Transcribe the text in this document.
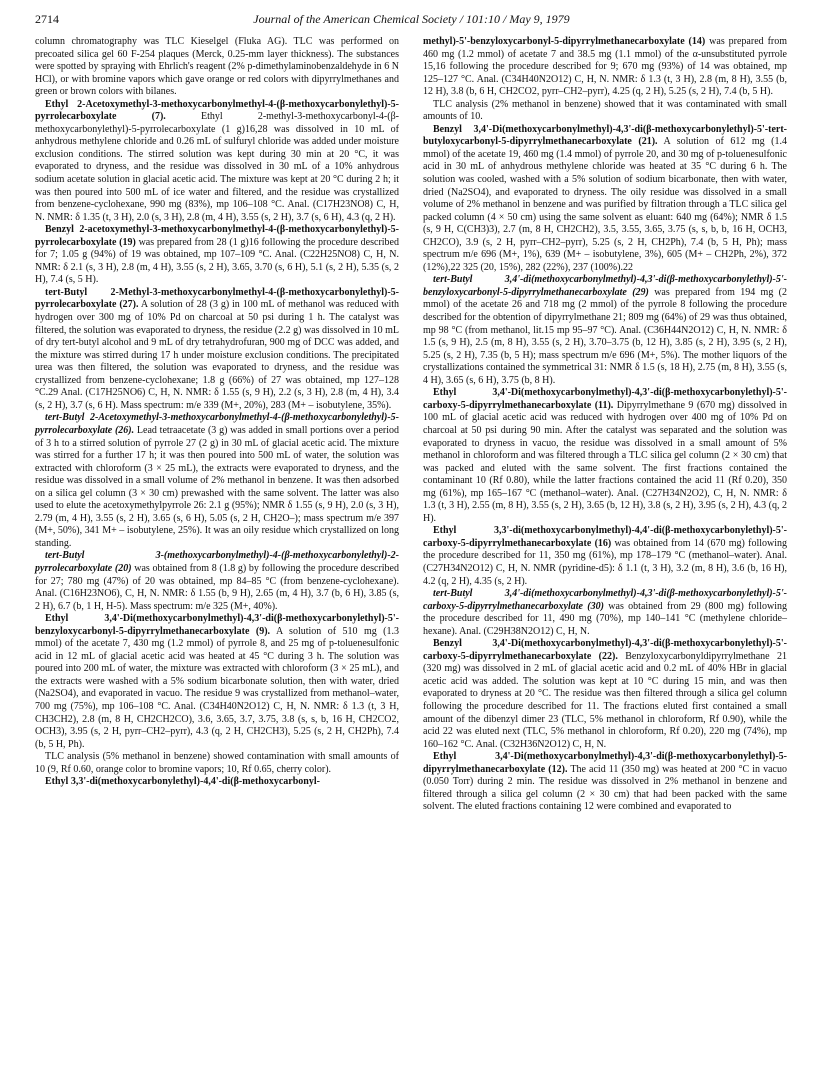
2714	Journal of the American Chemical Society / 101:10 / May 9, 1979

column chromatography was TLC Kieselgel (Fluka AG). TLC was performed on precoated silica gel 60 F-254 plaques (Merck, 0.25-mm layer thickness). The substances were spotted by spraying with Ehrlich's reagent (2% p-dimethylaminobenzaldehyde in 6 N HCl), or with bromine vapors which gave orange or red colors with dipyrrylmethanes and green or brown colors with bilanes.

Ethyl 2-Acetoxymethyl-3-methoxycarbonylmethyl-4-(β-methoxycarbonylethyl)-5-pyrrolecarboxylate (7).	Ethyl 2-methyl-3-methoxycarbonyl-4-(β-methoxycarbonylethyl)-5-pyrrolecarboxylate (1 g)16,28 was dissolved in 10 mL of anhydrous methylene chloride and 0.26 mL of sulfuryl chloride was added under moisture exclusion conditions. The stirred solution was kept during 30 min at 20 °C, it was evaporated to dryness, and the residue was dissolved in 30 mL of a 10% anhydrous sodium acetate solution in glacial acetic acid. The mixture was kept at 20 °C during 2 h; it was then poured into 500 mL of ice water and filtered, and the residue was crystallized from benzene-cyclohexane, 990 mg (83%), mp 106–108 °C. Anal. (C17H23NO8) C, H, N. NMR: δ 1.35 (t, 3 H), 2.0 (s, 3 H), 2.8 (m, 4 H), 3.55 (s, 2 H), 3.7 (s, 6 H), 4.3 (q, 2 H).

Benzyl 2-acetoxymethyl-3-methoxycarbonylmethyl-4-(β-methoxycarbonylethyl)-5-pyrrolecarboxylate (19) was prepared from 28 (1 g)16 following the procedure described for 7; 1.05 g (94%) of 19 was obtained, mp 107–109 °C. Anal. (C22H25NO8) C, H, N. NMR: δ 2.1 (s, 3 H), 2.8 (m, 4 H), 3.55 (s, 2 H), 3.65, 3.70 (s, 6 H), 5.1 (s, 2 H), 5.35 (s, 2 H), 7.4 (s, 5 H).

tert-Butyl 2-Methyl-3-methoxycarbonylmethyl-4-(β-methoxycarbonylethyl)-5-pyrrolecarboxylate (27). A solution of 28 (3 g) in 100 mL of methanol was reduced with hydrogen over 300 mg of 10% Pd on charcoal at 50 psi during 1 h. The catalyst was filtered, the solution was evaporated to dryness, the residue (2.2 g) was dissolved in 10 mL of dry tert-butyl alcohol and 9 mL of dry tetrahydrofuran, 900 mg of DCC was added, and the mixture was stirred during 17 h under moisture exclusion conditions. The precipitated urea was then filtered, the solution was evaporated to dryness, and the residue was crystallized from benzene-cyclohexane; 1.8 g (66%) of 27 was obtained, mp 127–128 °C.29 Anal. (C17H25NO6) C, H, N. NMR: δ 1.55 (s, 9 H), 2.2 (s, 3 H), 2.8 (m, 4 H), 3.4 (s, 2 H), 3.7 (s, 6 H). Mass spectrum: m/e 339 (M+, 20%), 283 (M+ – isobutylene, 35%).

tert-Butyl 2-Acetoxymethyl-3-methoxycarbonylmethyl-4-(β-methoxycarbonylethyl)-5-pyrrolecarboxylate (26). Lead tetraacetate (3 g) was added in small portions over a period of 3 h to a stirred solution of pyrrole 27 (2 g) in 30 mL of glacial acetic acid. The mixture was stirred for a further 17 h; it was then poured into 500 mL of water, the solution was extracted with chloroform (3 × 25 mL), the extracts were evaporated to dryness, and the residue was dissolved in a small volume of 2% methanol in benzene. It was then adsorbed on a silica gel column (3 × 30 cm) prewashed with the same solvent. The latter was also used to elute the acetoxymethylpyrrole 26: 2.1 g (95%); NMR δ 1.55 (s, 9 H), 2.0 (s, 3 H), 2.79 (m, 4 H), 3.55 (s, 2 H), 3.65 (s, 6 H), 5.05 (s, 2 H, CH2O–); mass spectrum m/e 397 (M+, 50%), 341 M+ – isobutylene, 25%). It was an oily residue which crystallized on long standing.

tert-Butyl 3-(methoxycarbonylmethyl)-4-(β-methoxycarbonylethyl)-2-pyrrolecarboxylate (20) was obtained from 8 (1.8 g) by following the procedure described for 27; 780 mg (47%) of 20 was obtained, mp 84–85 °C (from benzene-cyclohexane). Anal. (C16H23NO6), C, H, N. NMR: δ 1.55 (b, 9 H), 2.65 (m, 4 H), 3.7 (b, 6 H), 3.85 (s, 2 H), 6.7 (b, 1 H, H-5). Mass spectrum: m/e 325 (M+, 40%).

Ethyl 3,4'-Di(methoxycarbonylmethyl)-4,3'-di(β-methoxycarbonylethyl)-5'-benzyloxycarbonyl-5-dipyrrylmethanecarboxylate (9). A solution of 510 mg (1.3 mmol) of the acetate 7, 430 mg (1.2 mmol) of pyrrole 8, and 25 mg of p-toluenesulfonic acid in 12 mL of glacial acetic acid was heated at 45 °C during 3 h. The solution was poured into 200 mL of water, the mixture was extracted with chloroform (3 × 25 mL), and the extracts were washed with a 5% sodium bicarbonate solution, then with water, dried (Na2SO4), and evaporated in vacuo. The residue 9 was crystallized from methanol–water, 700 mg (75%), mp 106–108 °C. Anal. (C34H40N2O12) C, H, N. NMR: δ 1.3 (t, 3 H, CH3CH2), 2.8 (m, 8 H, CH2CH2CO), 3.6, 3.65, 3.7, 3.75, 3.8 (s, s, b, 16 H, CH2CO2, OCH3), 3.95 (s, 2 H, pyrr–CH2–pyrr), 4.3 (q, 2 H, CH2CH3), 5.25 (s, 2 H, CH2Ph), 7.4 (b, 5 H, Ph).

TLC analysis (5% methanol in benzene) showed contamination with small amounts of 10 (9, Rf 0.60, orange color to bromine vapors; 10, Rf 0.65, cherry color).

Ethyl 3,3'-di(methoxycarbonylethyl)-4,4'-di(β-methoxycarbonyl-

methyl)-5'-benzyloxycarbonyl-5-dipyrrylmethanecarboxylate (14) was prepared from 460 mg (1.2 mmol) of acetate 7 and 38.5 mg (1.1 mmol) of the α-unsubstituted pyrrole 15,16 following the procedure described for 9; 670 mg (93%) of 14 was obtained, mp 125–127 °C. Anal. (C34H40N2O12) C, H, N. NMR: δ 1.3 (t, 3 H), 2.8 (m, 8 H), 3.55 (b, 12 H), 3.8 (b, 6 H, CH2CO2, pyrr–CH2–pyrr), 4.25 (q, 2 H), 5.25 (s, 2 H), 7.4 (b, 5 H).

TLC analysis (2% methanol in benzene) showed that it was contaminated with small amounts of 10.

Benzyl 3,4'-Di(methoxycarbonylmethyl)-4,3'-di(β-methoxycarbonylethyl)-5'-tert-butyloxycarbonyl-5-dipyrrylmethanecarboxylate (21). A solution of 612 mg (1.4 mmol) of the acetate 19, 460 mg (1.4 mmol) of pyrrole 20, and 30 mg of p-toluenesulfonic acid in 30 mL of anhydrous methylene chloride was heated at 35 °C during 6 h. The solution was cooled, washed with a 5% solution of sodium bicarbonate, then with water, dried (Na2SO4), and evaporated to dryness. The oily residue was dissolved in a small volume of 2% methanol in benzene and was purified by filtration through a TLC silica gel packed column (4 × 50 cm) using the same solvent as eluant: 640 mg (64%); NMR δ 1.5 (s, 9 H, C(CH3)3), 2.7 (m, 8 H, CH2CH2), 3.5, 3.55, 3.65, 3.75 (s, s, b, b, 16 H, OCH3, CH2CO), 3.9 (s, 2 H, pyrr–CH2–pyrr), 5.25 (s, 2 H, CH2Ph), 7.4 (b, 5 H, Ph); mass spectrum m/e 696 (M+, 1%), 639 (M+ – isobutylene, 3%), 605 (M+ – CH2Ph, 2%), 372 (12%),22 325 (20, 15%), 282 (22%), 237 (100%).22

tert-Butyl 3,4'-di(methoxycarbonylmethyl)-4,3'-di(β-methoxycarbonylethyl)-5'-benzyloxycarbonyl-5-dipyrrylmethanecarboxylate (29) was prepared from 194 mg (2 mmol) of the acetate 26 and 718 mg (2 mmol) of the pyrrole 8 following the procedure described for the obtention of dipyrrylmethane 21; 809 mg (64%) of 29 was thus obtained, mp 98 °C (from methanol, lit.15 mp 95–97 °C). Anal. (C36H44N2O12) C, H, N. NMR: δ 1.5 (s, 9 H), 2.5 (m, 8 H), 3.55 (s, 2 H), 3.70–3.75 (b, 12 H), 3.85 (s, 2 H), 3.95 (s, 2 H), 5.25 (s, 2 H), 7.35 (b, 5 H); mass spectrum m/e 696 (M+, 5%). The mother liquors of the crystallizations contained the symmetrical 31: NMR δ 1.5 (s, 18 H), 2.75 (m, 8 H), 3.55 (s, 4 H), 3.65 (s, 6 H), 3.75 (b, 8 H).

Ethyl 3,4'-Di(methoxycarbonylmethyl)-4,3'-di(β-methoxycarbonylethyl)-5'-carboxy-5-dipyrrylmethanecarboxylate (11). Dipyrrylmethane 9 (670 mg) dissolved in 100 mL of glacial acetic acid was reduced with hydrogen over 400 mg of 10% Pd on charcoal at 50 psi during 90 min. After the catalyst was separated and the solution was evaporated to dryness in vacuo, the residue was dissolved in a small amount of 5% methanol in chloroform and was filtered through a TLC silica gel column (2 × 30 cm) that was packed and eluted with the same solvent. The first fractions contained the contaminant 10 (Rf 0.80), while the latter fractions contained the acid 11 (Rf 0.20), 350 mg (61%), mp 165–167 °C (methanol–water). Anal. (C27H34N2O2), C, H, N. NMR: δ 1.3 (t, 3 H), 2.55 (m, 8 H), 3.55 (s, 2 H), 3.65 (b, 12 H), 3.8 (s, 2 H), 3.95 (s, 2 H), 4.3 (q, 2 H).

Ethyl 3,3'-di(methoxycarbonylmethyl)-4,4'-di(β-methoxycarbonylethyl)-5'-carboxy-5-dipyrrylmethanecarboxylate (16) was obtained from 14 (670 mg) following the procedure described for 11, 350 mg (61%), mp 178–179 °C (methanol–water). Anal. (C27H34N2O12) C, H, N. NMR (pyridine-d5): δ 1.1 (t, 3 H), 3.2 (m, 8 H), 3.6 (b, 16 H), 4.2 (q, 2 H), 4.35 (s, 2 H).

tert-Butyl 3,4'-di(methoxycarbonylmethyl)-4,3'-di(β-methoxycarbonylethyl)-5'-carboxy-5-dipyrrylmethanecarboxylate (30) was obtained from 29 (800 mg) following the procedure described for 11, 490 mg (70%), mp 140–141 °C (methylene chloride–hexane). Anal. (C29H38N2O12) C, H, N.

Benzyl 3,4'-Di(methoxycarbonylmethyl)-4,3'-di(β-methoxycarbonylethyl)-5'-carboxy-5-dipyrrylmethanecarboxylate (22). Benzyloxycarbonyldipyrrylmethane 21 (320 mg) was dissolved in 2 mL of glacial acetic acid and 0.2 mL of 40% HBr in glacial acetic acid was added. The solution was kept at 10 °C during 15 min, and was then evaporated to dryness at 20 °C. The residue was then filtered through a silica gel column following the procedure described for 11. The fractions eluted first contained a small amount of the dibenzyl dimer 23 (TLC, 5% methanol in chloroform, Rf 0.90), while the acid 22 was eluted next (TLC, 5% methanol in chloroform, Rf 0.20), 220 mg (74%), mp 160–162 °C. Anal. (C32H36N2O12) C, H, N.

Ethyl 3,4'-Di(methoxycarbonylmethyl)-4,3'-di(β-methoxycarbonylethyl)-5-dipyrrylmethanecarboxylate (12). The acid 11 (350 mg) was heated at 200 °C in vacuo (0.050 Torr) during 2 min. The residue was dissolved in 2% methanol in benzene and filtered through a silica gel column (2 × 30 cm) that had been packed with the same solvent. The eluted fractions containing 12 were combined and evaporated to
